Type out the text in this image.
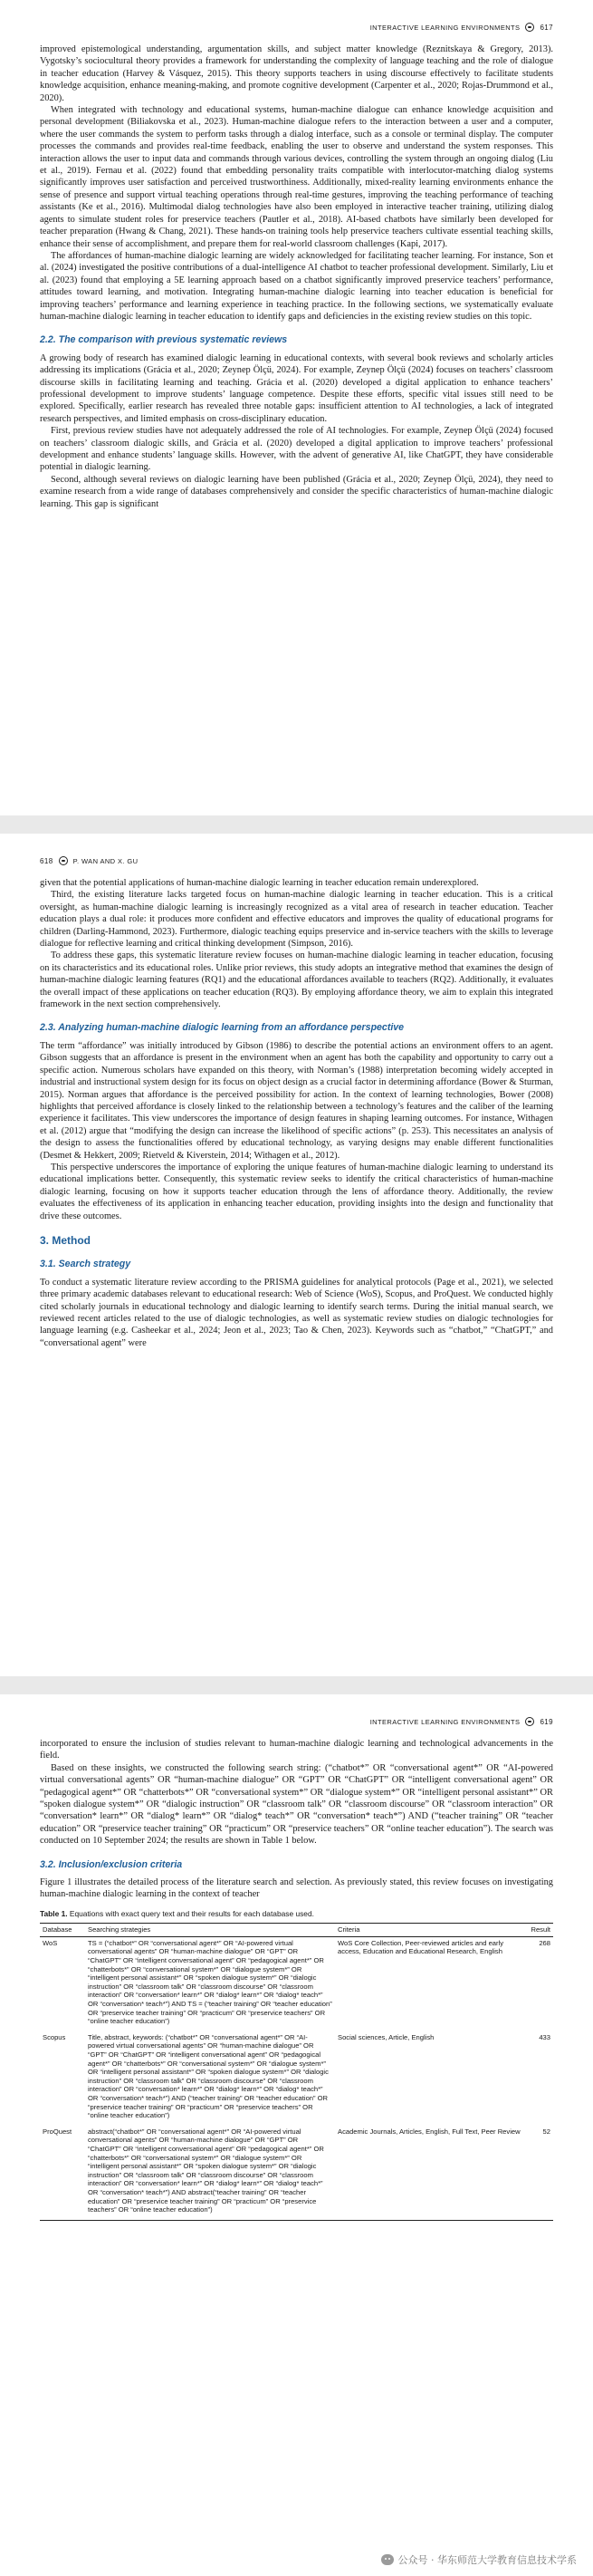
INTERACTIVE LEARNING ENVIRONMENTS	617

improved epistemological understanding, argumentation skills, and subject matter knowledge (Reznitskaya & Gregory, 2013). Vygotsky’s sociocultural theory provides a framework for understanding the complexity of language teaching and the role of dialogue in teacher education (Harvey & Vásquez, 2015). This theory supports teachers in using discourse effectively to facilitate students knowledge acquisition, enhance meaning-making, and promote cognitive development (Carpenter et al., 2020; Rojas-Drummond et al., 2020).

When integrated with technology and educational systems, human-machine dialogue can enhance knowledge acquisition and personal development (Biliakovska et al., 2023). Human-machine dialogue refers to the interaction between a user and a computer, where the user commands the system to perform tasks through a dialog interface, such as a console or terminal display. The computer processes the commands and provides real-time feedback, enabling the user to observe and understand the system responses. This interaction allows the user to input data and commands through various devices, controlling the system through an ongoing dialog (Liu et al., 2019). Fernau et al. (2022) found that embedding personality traits compatible with interlocutor-matching dialog systems significantly improves user satisfaction and perceived trustworthiness. Additionally, mixed-reality learning environments enhance the sense of presence and support virtual teaching operations through real-time gestures, improving the teaching performance of teaching assistants (Ke et al., 2016). Multimodal dialog technologies have also been employed in interactive teacher training, utilizing dialog agents to simulate student roles for preservice teachers (Pautler et al., 2018). AI-based chatbots have similarly been developed for teacher preparation (Hwang & Chang, 2021). These hands-on training tools help preservice teachers cultivate essential teaching skills, enhance their sense of accomplishment, and prepare them for real-world classroom challenges (Kapi, 2017).

The affordances of human-machine dialogic learning are widely acknowledged for facilitating teacher learning. For instance, Son et al. (2024) investigated the positive contributions of a dual-intelligence AI chatbot to teacher professional development. Similarly, Liu et al. (2023) found that employing a 5E learning approach based on a chatbot significantly improved preservice teachers’ performance, attitudes toward learning, and motivation. Integrating human-machine dialogic learning into teacher education is beneficial for improving teachers’ performance and learning experience in teaching practice. In the following sections, we systematically evaluate human-machine dialogic learning in teacher education to identify gaps and deficiencies in the existing review studies on this topic.

2.2. The comparison with previous systematic reviews

A growing body of research has examined dialogic learning in educational contexts, with several book reviews and scholarly articles addressing its implications (Grácia et al., 2020; Zeynep Ölçü, 2024). For example, Zeynep Ölçü (2024) focuses on teachers’ classroom discourse skills in facilitating learning and teaching. Grácia et al. (2020) developed a digital application to enhance teachers’ professional development to improve students’ language competence. Despite these efforts, specific vital issues still need to be explored. Specifically, earlier research has revealed three notable gaps: insufficient attention to AI technologies, a lack of integrated research perspectives, and limited emphasis on cross-disciplinary education.

First, previous review studies have not adequately addressed the role of AI technologies. For example, Zeynep Ölçü (2024) focused on teachers’ classroom dialogic skills, and Grácia et al. (2020) developed a digital application to improve teachers’ professional development and enhance students’ language skills. However, with the advent of generative AI, like ChatGPT, they have considerable potential in dialogic learning.

Second, although several reviews on dialogic learning have been published (Grácia et al., 2020; Zeynep Ölçü, 2024), they need to examine research from a wide range of databases comprehensively and consider the specific characteristics of human-machine dialogic learning. This gap is significant

618	P. WAN AND X. GU

given that the potential applications of human-machine dialogic learning in teacher education remain underexplored.

Third, the existing literature lacks targeted focus on human-machine dialogic learning in teacher education. This is a critical oversight, as human-machine dialogic learning is increasingly recognized as a vital area of research in teacher education. Teacher education plays a dual role: it produces more confident and effective educators and improves the quality of educational programs for children (Darling-Hammond, 2023). Furthermore, dialogic teaching equips preservice and in-service teachers with the skills to leverage dialogue for reflective learning and critical thinking development (Simpson, 2016).

To address these gaps, this systematic literature review focuses on human-machine dialogic learning in teacher education, focusing on its characteristics and its educational roles. Unlike prior reviews, this study adopts an integrative method that examines the design of human-machine dialogic learning features (RQ1) and the educational affordances available to teachers (RQ2). Additionally, it evaluates the overall impact of these applications on teacher education (RQ3). By employing affordance theory, we aim to explain this integrated framework in the next section comprehensively.

2.3. Analyzing human-machine dialogic learning from an affordance perspective

The term “affordance” was initially introduced by Gibson (1986) to describe the potential actions an environment offers to an agent. Gibson suggests that an affordance is present in the environment when an agent has both the capability and opportunity to carry out a specific action. Numerous scholars have expanded on this theory, with Norman’s (1988) interpretation becoming widely accepted in industrial and instructional system design for its focus on object design as a crucial factor in determining affordance (Bower & Sturman, 2015). Norman argues that affordance is the perceived possibility for action. In the context of learning technologies, Bower (2008) highlights that perceived affordance is closely linked to the relationship between a technology’s features and the caliber of the learning experience it facilitates. This view underscores the importance of design features in shaping learning outcomes. For instance, Withagen et al. (2012) argue that “modifying the design can increase the likelihood of specific actions” (p. 253). This necessitates an analysis of the design to assess the functionalities offered by educational technology, as varying designs may enable different functionalities (Desmet & Hekkert, 2009; Rietveld & Kiverstein, 2014; Withagen et al., 2012).

This perspective underscores the importance of exploring the unique features of human-machine dialogic learning to understand its educational implications better. Consequently, this systematic review seeks to identify the critical characteristics of human-machine dialogic learning, focusing on how it supports teacher education through the lens of affordance theory. Additionally, the review evaluates the effectiveness of its application in enhancing teacher education, providing insights into the design and functionality that drive these outcomes.

3. Method
3.1. Search strategy

To conduct a systematic literature review according to the PRISMA guidelines for analytical protocols (Page et al., 2021), we selected three primary academic databases relevant to educational research: Web of Science (WoS), Scopus, and ProQuest. We conducted highly cited scholarly journals in educational technology and dialogic learning to identify search terms. During the initial manual search, we reviewed recent articles related to the use of dialogic technologies, as well as systematic review studies on dialogic technologies for language learning (e.g. Casheekar et al., 2024; Jeon et al., 2023; Tao & Chen, 2023). Keywords such as “chatbot,” “ChatGPT,” and “conversational agent” were

INTERACTIVE LEARNING ENVIRONMENTS	619

incorporated to ensure the inclusion of studies relevant to human-machine dialogic learning and technological advancements in the field.

Based on these insights, we constructed the following search string: (“chatbot*” OR “conversational agent*” OR “AI-powered virtual conversational agents” OR “human-machine dialogue” OR “GPT” OR “ChatGPT” OR “intelligent conversational agent” OR “pedagogical agent*” OR “chatterbots*” OR “conversational system*” OR “dialogue system*” OR “intelligent personal assistant*” OR “spoken dialogue system*” OR “dialogic instruction” OR “classroom talk” OR “classroom discourse” OR “classroom interaction” OR “conversation* learn*” OR “dialog* learn*” OR “dialog* teach*” OR “conversation* teach*”) AND (“teacher training” OR “teacher education” OR “preservice teacher training” OR “practicum” OR “preservice teachers” OR “online teacher education”). The search was conducted on 10 September 2024; the results are shown in Table 1 below.

3.2. Inclusion/exclusion criteria

Figure 1 illustrates the detailed process of the literature search and selection. As previously stated, this review focuses on investigating human-machine dialogic learning in the context of teacher

Table 1. Equations with exact query text and their results for each database used.
Database	Searching strategies	Criteria	Result
WoS	TS = (“chatbot*” OR “conversational agent*” OR “AI-powered virtual conversational agents” OR “human-machine dialogue” OR “GPT” OR “ChatGPT” OR “intelligent conversational agent” OR “pedagogical agent*” OR “chatterbots*” OR “conversational system*” OR “dialogue system*” OR “intelligent personal assistant*” OR “spoken dialogue system*” OR “dialogic instruction” OR “classroom talk” OR “classroom discourse” OR “classroom interaction” OR “conversation* learn*” OR “dialog* learn*” OR “dialog* teach*” OR “conversation* teach*”) AND TS = (“teacher training” OR “teacher education” OR “preservice teacher training” OR “practicum” OR “preservice teachers” OR “online teacher education”)	WoS Core Collection, Peer-reviewed articles and early access, Education and Educational Research, English	268
Scopus	Title, abstract, keywords: (“chatbot*” OR “conversational agent*” OR “AI-powered virtual conversational agents” OR “human-machine dialogue” OR “GPT” OR “ChatGPT” OR “intelligent conversational agent” OR “pedagogical agent*” OR “chatterbots*” OR “conversational system*” OR “dialogue system*” OR “intelligent personal assistant*” OR “spoken dialogue system*” OR “dialogic instruction” OR “classroom talk” OR “classroom discourse” OR “classroom interaction” OR “conversation* learn*” OR “dialog* learn*” OR “dialog* teach*” OR “conversation* teach*”) AND (“teacher training” OR “teacher education” OR “preservice teacher training” OR “practicum” OR “preservice teachers” OR “online teacher education”)	Social sciences, Article, English	433
ProQuest	abstract(“chatbot*” OR “conversational agent*” OR “AI-powered virtual conversational agents” OR “human-machine dialogue” OR “GPT” OR “ChatGPT” OR “intelligent conversational agent” OR “pedagogical agent*” OR “chatterbots*” OR “conversational system*” OR “dialogue system*” OR “intelligent personal assistant*” OR “spoken dialogue system*” OR “dialogic instruction” OR “classroom talk” OR “classroom discourse” OR “classroom interaction” OR “conversation* learn*” OR “dialog* learn*” OR “dialog* teach*” OR “conversation* teach*”) AND abstract(“teacher training” OR “teacher education” OR “preservice teacher training” OR “practicum” OR “preservice teachers” OR “online teacher education”)	Academic Journals, Articles, English, Full Text, Peer Review	52
公众号 · 华东师范大学教育信息技术学系
